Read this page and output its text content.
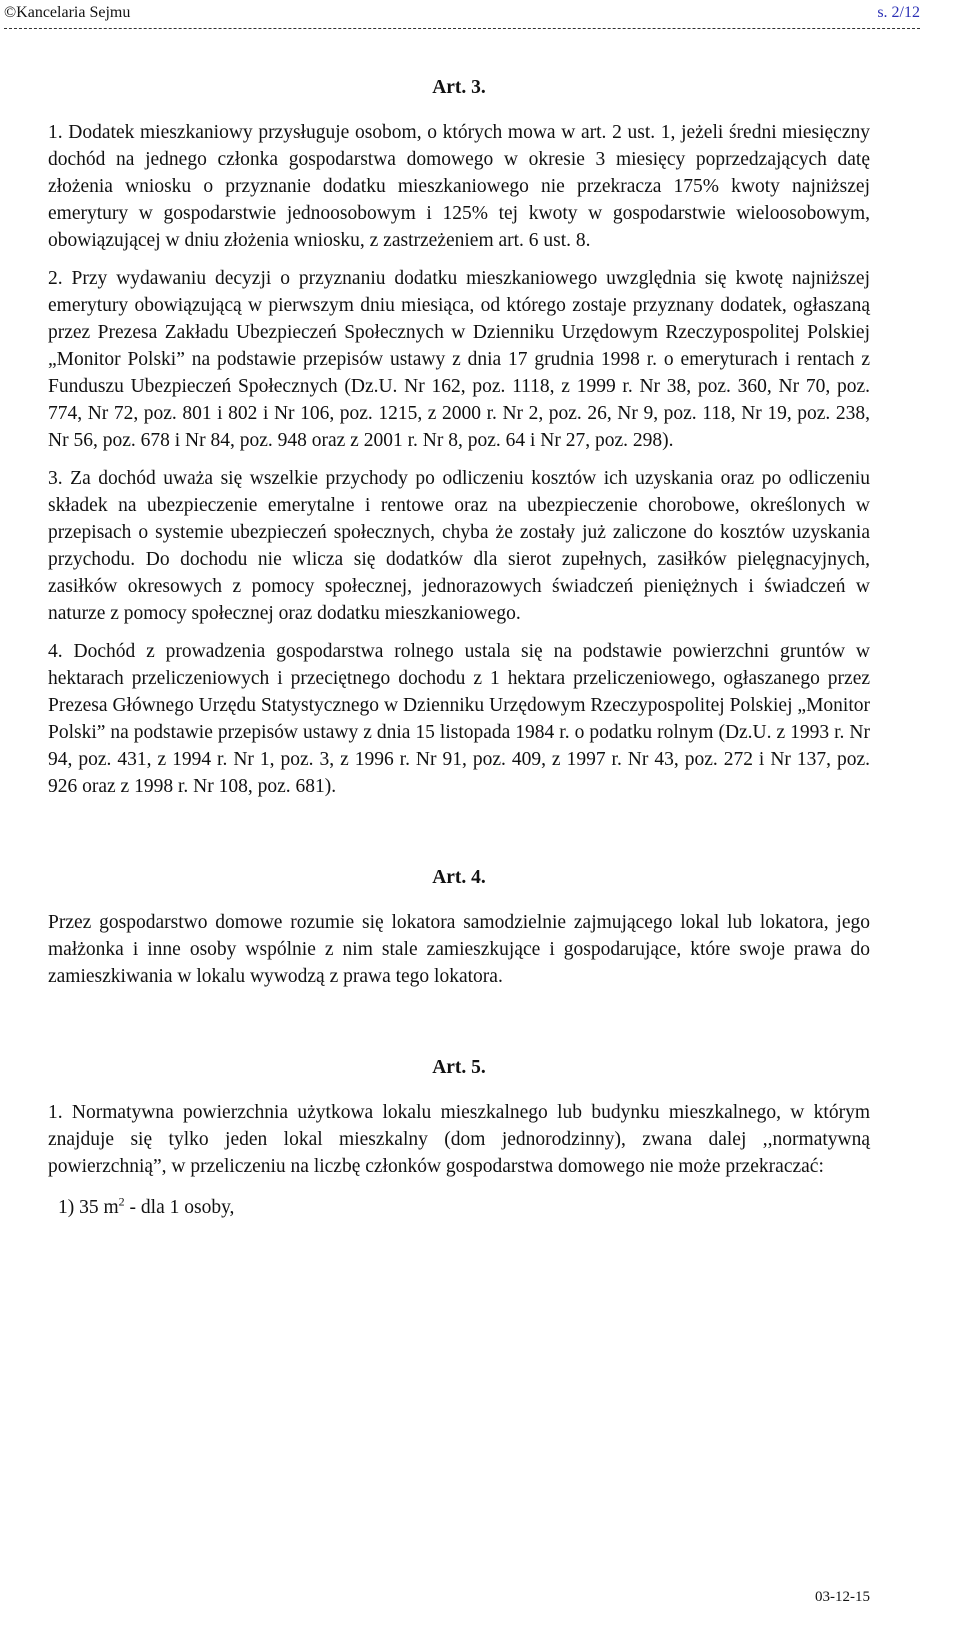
©Kancelaria Sejmu	s. 2/12

Art. 3.

1. Dodatek mieszkaniowy przysługuje osobom, o których mowa w art. 2 ust. 1, jeżeli średni miesięczny dochód na jednego członka gospodarstwa domowego w okresie 3 miesięcy poprzedzających datę złożenia wniosku o przyznanie dodatku mieszkaniowego nie przekracza 175% kwoty najniższej emerytury w gospodarstwie jednoosobowym i 125% tej kwoty w gospodarstwie wieloosobowym, obowiązującej w dniu złożenia wniosku, z zastrzeżeniem art. 6 ust. 8.

2. Przy wydawaniu decyzji o przyznaniu dodatku mieszkaniowego uwzględnia się kwotę najniższej emerytury obowiązującą w pierwszym dniu miesiąca, od którego zostaje przyznany dodatek, ogłaszaną przez Prezesa Zakładu Ubezpieczeń Społecznych w Dzienniku Urzędowym Rzeczypospolitej Polskiej „Monitor Polski” na podstawie przepisów ustawy z dnia 17 grudnia 1998 r. o emeryturach i rentach z Funduszu Ubezpieczeń Społecznych (Dz.U. Nr 162, poz. 1118, z 1999 r. Nr 38, poz. 360, Nr 70, poz. 774, Nr 72, poz. 801 i 802 i Nr 106, poz. 1215, z 2000 r. Nr 2, poz. 26, Nr 9, poz. 118, Nr 19, poz. 238, Nr 56, poz. 678 i Nr 84, poz. 948 oraz z 2001 r. Nr 8, poz. 64 i Nr 27, poz. 298).

3. Za dochód uważa się wszelkie przychody po odliczeniu kosztów ich uzyskania oraz po odliczeniu składek na ubezpieczenie emerytalne i rentowe oraz na ubezpieczenie chorobowe, określonych w przepisach o systemie ubezpieczeń społecznych, chyba że zostały już zaliczone do kosztów uzyskania przychodu. Do dochodu nie wlicza się dodatków dla sierot zupełnych, zasiłków pielęgnacyjnych, zasiłków okresowych z pomocy społecznej, jednorazowych świadczeń pieniężnych i świadczeń w naturze z pomocy społecznej oraz dodatku mieszkaniowego.

4. Dochód z prowadzenia gospodarstwa rolnego ustala się na podstawie powierzchni gruntów w hektarach przeliczeniowych i przeciętnego dochodu z 1 hektara przeliczeniowego, ogłaszanego przez Prezesa Głównego Urzędu Statystycznego w Dzienniku Urzędowym Rzeczypospolitej Polskiej „Monitor Polski” na podstawie przepisów ustawy z dnia 15 listopada 1984 r. o podatku rolnym (Dz.U. z 1993 r. Nr 94, poz. 431, z 1994 r. Nr 1, poz. 3, z 1996 r. Nr 91, poz. 409, z 1997 r. Nr 43, poz. 272 i Nr 137, poz. 926 oraz z 1998 r. Nr 108, poz. 681).

Art. 4.

Przez gospodarstwo domowe rozumie się lokatora samodzielnie zajmującego lokal lub lokatora, jego małżonka i inne osoby wspólnie z nim stale zamieszkujące i gospodarujące, które swoje prawa do zamieszkiwania w lokalu wywodzą z prawa tego lokatora.

Art. 5.

1. Normatywna powierzchnia użytkowa lokalu mieszkalnego lub budynku mieszkalnego, w którym znajduje się tylko jeden lokal mieszkalny (dom jednorodzinny), zwana dalej ,,normatywną powierzchnią”, w przeliczeniu na liczbę członków gospodarstwa domowego nie może przekraczać:

1) 35 $m^2$ - dla 1 osoby,

03-12-15
